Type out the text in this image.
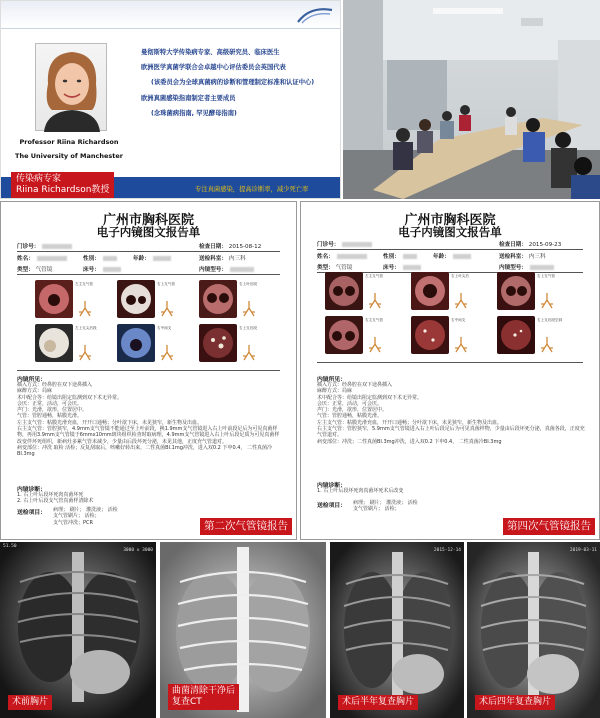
Professor Riina Richardson
The University of Manchester
曼彻斯特大学传染病专家、高级研究员、临床医生
欧洲医学真菌学联合会卓越中心评估委员会英国代表
(该委员会为全球真菌病的诊断和管理制定标准和认证中心)
欧洲真菌感染指南制定者主要成员
(念珠菌病指南, 罕见酵母指南)
专注真菌感染，提高诊断率，减少死亡率
传染病专家
Riina Richardson教授
广州市胸科医院
电子内镜图文报告单
门诊号：	检查日期： 2015-08-12
姓名：	性别：	年龄：	送检科室： 内三科
类型： 气管镜	床号：	内镜型号：
左主支气管	右上支气管	右上叶后段
左上支尖后段	右中间支	右上支后段
内镜所见：
插入方式：经鼻腔在双下途鼻插入
麻醉方式：局麻
术中配合等：给镜出阻定监测到双下术无异常。
会厌：正常，活动，可会厌。
声门：光滑，欲形，位置居中。
气管：管腔通畅，粘膜光滑。
左主支气管：粘膜光滑充血，开开口通畅；分叶欲下床，未见狭窄，新生物及出血。
右主支气管：管腔狭窄，4.9mm支气管镜不能通过至上叶前段，换1.9mm支气管镜进入右上叶前段足后为可见真菌样物，再用3.9mm支气管镜于6mmx10mm斑块组织检查时取病理，4.9mm支气管镜进入右上叶后段足质为可见真菌样改变伴坏死组织，新病灶多累气管未减少，少量由后段坏死分泌，未见其他，正度充气管道对。
病变部位：冲洗 取检 活检；反复刮取后，咳嗽好转出来，二性真菌BI.1mg冲洗，进入双0.2 下申0.4， 二性真菌冷BI.3mg
内镜诊断：
1. 右上叶后段坏死肉真菌坏死
2. 右上叶后段支气管真菌样清除术
送检项目： 病理； 刷片； 灌洗液； 活检
支气管刷片； 活检；
支气管冲洗；PCR	第二次气管镜报告
广州市胸科医院
电子内镜图文报告单
门诊号：	检查日期： 2015-09-23
姓名：	性别：	年龄：	送检科室： 内三科
类型： 气管镜	床号：	内镜型号：
左主支气管	右上叶尖后	右上支气管
右主支气管	右中间支	右上支后段空洞
内镜所见：
插入方式：经鼻腔在双下途鼻插入
麻醉方式：局麻
术中配合等：给镜出阻定监测到双下术无异常。
会厌：正常，活动，可会厌。
声门：光滑，欲形，位置居中。
气管：管腔通畅，粘膜光滑。
左主支气管：粘膜光滑充血，开开口通畅；分叶欲下床，未见狭窄，新生物及出血。
右主支气管：管腔狭窄，5.9mm支气管镜进入右上叶后段足后为可见真菌样物，少量由后段坏死分泌，真菌各段，正度充气管道对。
病变部位：冲洗；二性真菌BI.3mg冲洗，进入双0.2 下申0.4， 二性真菌冷BI.3mg
内镜诊断：
1. 右上叶后段坏死肉真菌坏死术后改变
送检项目： 病理； 刷片； 灌洗液； 活检
支气管刷片； 活检；
第四次气管镜报告
51.50
3000 x 3000
术前胸片
曲菌清除干净后
复查CT
2015-12-14
术后半年复查胸片
2019-03-11
术后四年复查胸片
